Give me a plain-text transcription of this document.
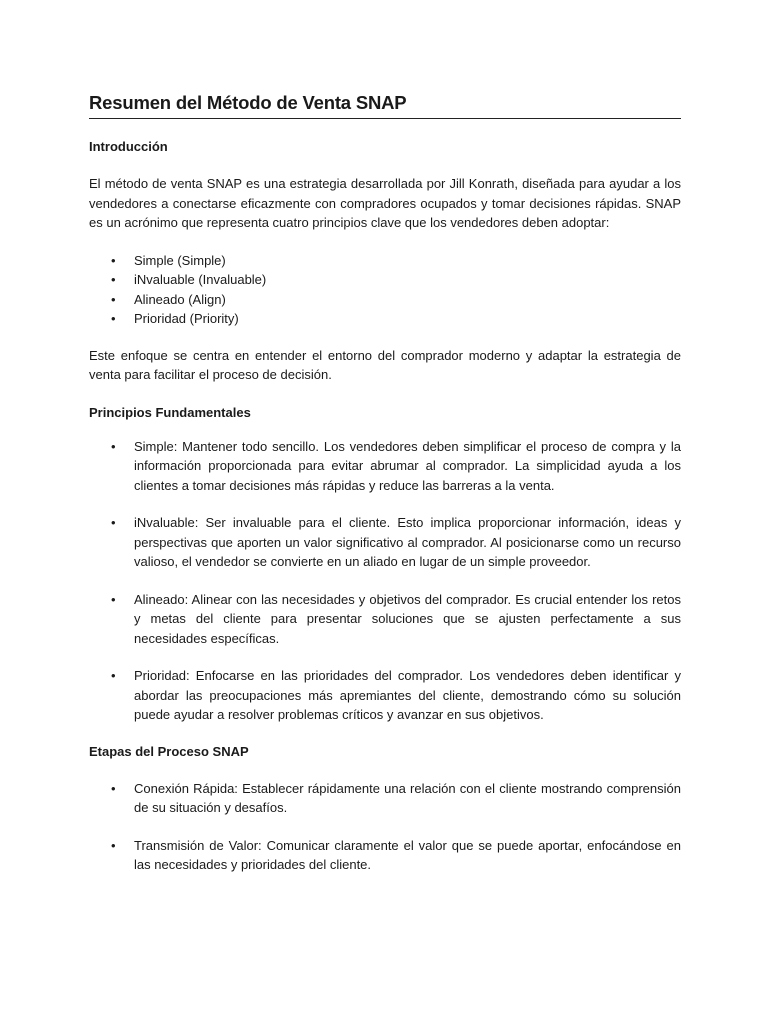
Resumen del Método de Venta SNAP
Introducción

El método de venta SNAP es una estrategia desarrollada por Jill Konrath, diseñada para ayudar a los vendedores a conectarse eficazmente con compradores ocupados y tomar decisiones rápidas. SNAP es un acrónimo que representa cuatro principios clave que los vendedores deben adoptar:

• Simple (Simple)
• iNvaluable (Invaluable)
• Alineado (Align)
• Prioridad (Priority)

Este enfoque se centra en entender el entorno del comprador moderno y adaptar la estrategia de venta para facilitar el proceso de decisión.

Principios Fundamentales
• Simple: Mantener todo sencillo. Los vendedores deben simplificar el proceso de compra y la información proporcionada para evitar abrumar al comprador. La simplicidad ayuda a los clientes a tomar decisiones más rápidas y reduce las barreras a la venta.
• iNvaluable: Ser invaluable para el cliente. Esto implica proporcionar información, ideas y perspectivas que aporten un valor significativo al comprador. Al posicionarse como un recurso valioso, el vendedor se convierte en un aliado en lugar de un simple proveedor.
• Alineado: Alinear con las necesidades y objetivos del comprador. Es crucial entender los retos y metas del cliente para presentar soluciones que se ajusten perfectamente a sus necesidades específicas.
• Prioridad: Enfocarse en las prioridades del comprador. Los vendedores deben identificar y abordar las preocupaciones más apremiantes del cliente, demostrando cómo su solución puede ayudar a resolver problemas críticos y avanzar en sus objetivos.
Etapas del Proceso SNAP
• Conexión Rápida: Establecer rápidamente una relación con el cliente mostrando comprensión de su situación y desafíos.
• Transmisión de Valor: Comunicar claramente el valor que se puede aportar, enfocándose en las necesidades y prioridades del cliente.
